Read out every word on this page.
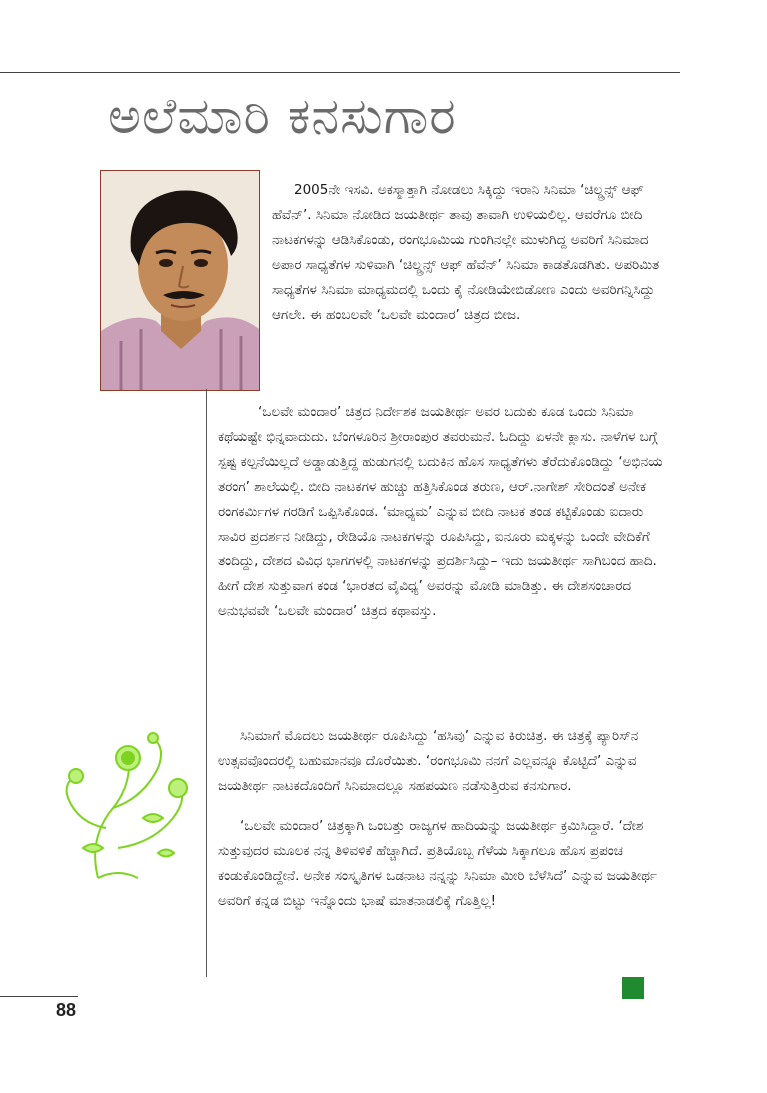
ಅಲೆಮಾರಿ ಕನಸುಗಾರ
2005ನೇ ಇಸವಿ. ಅಕಸ್ಮಾತ್ತಾಗಿ ನೋಡಲು ಸಿಕ್ಕಿದ್ದು ಇರಾನಿ ಸಿನಿಮಾ ‘ಚಿಲ್ಡ್ರನ್ಸ್ ಆಫ್ ಹೆವೆನ್’. ಸಿನಿಮಾ ನೋಡಿದ ಜಯತೀರ್ಥ ತಾವು ತಾವಾಗಿ ಉಳಿಯಲಿಲ್ಲ. ಆವರೆಗೂ ಬೀದಿ ನಾಟಕಗಳನ್ನು ಆಡಿಸಿಕೊಂಡು, ರಂಗಭೂಮಿಯ ಗುಂಗಿನಲ್ಲೇ ಮುಳುಗಿದ್ದ ಅವರಿಗೆ ಸಿನಿಮಾದ ಅಪಾರ ಸಾಧ್ಯತೆಗಳ ಸುಳಿವಾಗಿ ‘ಚಿಲ್ಡ್ರನ್ಸ್ ಆಫ್ ಹೆವೆನ್’ ಸಿನಿಮಾ ಕಾಡತೊಡಗಿತು. ಅಪರಿಮಿತ ಸಾಧ್ಯತೆಗಳ ಸಿನಿಮಾ ಮಾಧ್ಯಮದಲ್ಲಿ ಒಂದು ಕೈ ನೋಡಿಯೇಬಿಡೋಣ ಎಂದು ಅವರಿಗನ್ನಿಸಿದ್ದು ಆಗಲೇ. ಈ ಹಂಬಲವೇ ‘ಒಲವೇ ಮಂದಾರ’ ಚಿತ್ರದ ಬೀಜ.
‘ಒಲವೇ ಮಂದಾರ’ ಚಿತ್ರದ ನಿರ್ದೇಶಕ ಜಯತೀರ್ಥ ಅವರ ಬದುಕು ಕೂಡ ಒಂದು ಸಿನಿಮಾ ಕಥೆಯಷ್ಟೇ ಭಿನ್ನವಾದುದು. ಬೆಂಗಳೂರಿನ ಶ್ರೀರಾಂಪುರ ತವರುಮನೆ. ಓದಿದ್ದು ಏಳನೇ ಕ್ಲಾಸು. ನಾಳೆಗಳ ಬಗ್ಗೆ ಸ್ಪಷ್ಟ ಕಲ್ಪನೆಯಿಲ್ಲದೆ ಅಡ್ಡಾಡುತ್ತಿದ್ದ ಹುಡುಗನಲ್ಲಿ ಬದುಕಿನ ಹೊಸ ಸಾಧ್ಯತೆಗಳು ತೆರೆದುಕೊಂಡಿದ್ದು ‘ಅಭಿನಯ ತರಂಗ’ ಶಾಲೆಯಲ್ಲಿ. ಬೀದಿ ನಾಟಕಗಳ ಹುಚ್ಚು ಹತ್ತಿಸಿಕೊಂಡ ತರುಣ, ಆರ್.ನಾಗೇಶ್ ಸೇರಿದಂತೆ ಅನೇಕ ರಂಗಕರ್ಮಿಗಳ ಗರಡಿಗೆ ಒಪ್ಪಿಸಿಕೊಂಡ. ‘ಮಾಧ್ಯಮ’ ಎನ್ನುವ ಬೀದಿ ನಾಟಕ ತಂಡ ಕಟ್ಟಿಕೊಂಡು ಐದಾರು ಸಾವಿರ ಪ್ರದರ್ಶನ ನೀಡಿದ್ದು, ರೇಡಿಯೊ ನಾಟಕಗಳನ್ನು ರೂಪಿಸಿದ್ದು, ಐನೂರು ಮಕ್ಕಳನ್ನು ಒಂದೇ ವೇದಿಕೆಗೆ ತಂದಿದ್ದು, ದೇಶದ ವಿವಿಧ ಭಾಗಗಳಲ್ಲಿ ನಾಟಕಗಳನ್ನು ಪ್ರದರ್ಶಿಸಿದ್ದು– ಇದು ಜಯತೀರ್ಥ ಸಾಗಿಬಂದ ಹಾದಿ. ಹೀಗೆ ದೇಶ ಸುತ್ತುವಾಗ ಕಂಡ ‘ಭಾರತದ ವೈವಿಧ್ಯ’ ಅವರನ್ನು ಮೋಡಿ ಮಾಡಿತ್ತು. ಈ ದೇಶಸಂಚಾರದ ಅನುಭವವೇ ‘ಒಲವೇ ಮಂದಾರ’ ಚಿತ್ರದ ಕಥಾವಸ್ತು.
ಸಿನಿಮಾಗೆ ಮೊದಲು ಜಯತೀರ್ಥ ರೂಪಿಸಿದ್ದು ‘ಹಸಿವು’ ಎನ್ನುವ ಕಿರುಚಿತ್ರ. ಈ ಚಿತ್ರಕ್ಕೆ ಪ್ಯಾರಿಸ್‌ನ ಉತ್ಸವವೊಂದರಲ್ಲಿ ಬಹುಮಾನವೂ ದೊರೆಯಿತು. ‘ರಂಗಭೂಮಿ ನನಗೆ ಎಲ್ಲವನ್ನೂ ಕೊಟ್ಟಿದೆ’ ಎನ್ನುವ ಜಯತೀರ್ಥ ನಾಟಕದೊಂದಿಗೆ ಸಿನಿಮಾದಲ್ಲೂ ಸಹಪಯಣ ನಡೆಸುತ್ತಿರುವ ಕನಸುಗಾರ.
‘ಒಲವೇ ಮಂದಾರ’ ಚಿತ್ರಕ್ಕಾಗಿ ಒಂಬತ್ತು ರಾಜ್ಯಗಳ ಹಾದಿಯನ್ನು ಜಯತೀರ್ಥ ಕ್ರಮಿಸಿದ್ದಾರೆ. ‘ದೇಶ ಸುತ್ತುವುದರ ಮೂಲಕ ನನ್ನ ತಿಳಿವಳಿಕೆ ಹೆಚ್ಚಾಗಿದೆ. ಪ್ರತಿಯೊಬ್ಬ ಗೆಳೆಯ ಸಿಕ್ಕಾಗಲೂ ಹೊಸ ಪ್ರಪಂಚ ಕಂಡುಕೊಂಡಿದ್ದೇನೆ. ಅನೇಕ ಸಂಸ್ಕೃತಿಗಳ ಒಡನಾಟ ನನ್ನನ್ನು ಸಿನಿಮಾ ಮೀರಿ ಬೆಳೆಸಿದೆ’ ಎನ್ನುವ ಜಯತೀರ್ಥ ಅವರಿಗೆ ಕನ್ನಡ ಬಿಟ್ಟು ಇನ್ನೊಂದು ಭಾಷೆ ಮಾತನಾಡಲಿಕ್ಕೆ ಗೊತ್ತಿಲ್ಲ!
88
